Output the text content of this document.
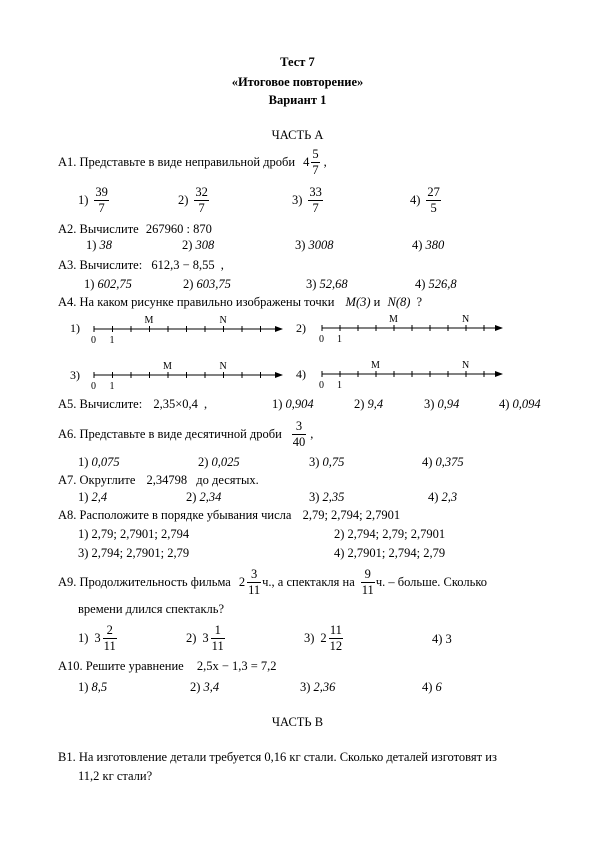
Тест 7
«Итоговое повторение»
Вариант 1
ЧАСТЬ А
А1. Представьте в виде неправильной дроби $4 \frac{5}{7}$ ,
$1) \frac{39}{7}$	$2) \frac{32}{7}$	$3) \frac{33}{7}$	$4) \frac{27}{5}$
А2. Вычислите 267960 : 870
1) 38	2) 308	3) 3008	4) 380
А3. Вычислите: 612,3 − 8,55 ,
1) 602,75	2) 603,75	3) 52,68	4) 526,8
А4. На каком рисунке правильно изображены точки M(3) и N(8) ?
0 1
M	N
0 1
M	N
0 1
M	N
0 1
M	N
1)	2)
3)	4)
А5. Вычислите: 2,35×0,4 ,	1) 0,904	2) 9,4	3) 0,94	4) 0,094
А6. Представьте в виде десятичной дроби $\frac{3}{40}$ ,
1) 0,075	2) 0,025	3) 0,75	4) 0,375
А7. Округлите 2,34798 до десятых.
1) 2,4	2) 2,34	3) 2,35	4) 2,3
А8. Расположите в порядке убывания числа 2,79; 2,794; 2,7901
1) 2,79; 2,7901; 2,794	2) 2,794; 2,79; 2,7901
3) 2,794; 2,7901; 2,79	4) 2,7901; 2,794; 2,79
А9. Продолжительность фильма $2 \frac{3}{11} ч$., а спектакля на $\frac{9}{11} ч$. – больше. Сколько
времени длился спектакль?
1) $3 \frac{2}{11}$	2) $3 \frac{1}{11}$	3) $2 \frac{11}{12}$	4) 3
А10. Решите уравнение 2,5x − 1,3 = 7,2
1) 8,5	2) 3,4	3) 2,36	4) 6
ЧАСТЬ В
В1. На изготовление детали требуется 0,16 кг стали. Сколько деталей изготовят из
11,2 кг стали?
